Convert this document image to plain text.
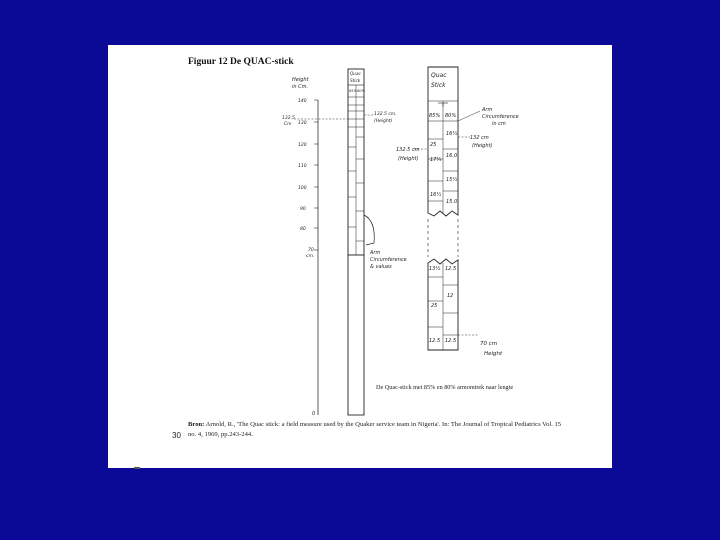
Figuur 12 De QUAC-stick
140
130
120
110
100
90
80
70
0
cm.
Height
in Cm.
132.5
Cm
Quac
Stick
85% 80%
132.5 cm.
(Height)
Arm
Circumference
& values
Quac
Stick
85% 80%
16½
25
16.0
17¼
15½
16½
15.0
13½ 12.5
12
25
12.5 12.5
Arm
Circumference
in cm
132 cm
(Height)
132.5 cm
(Height)
70 cm
Height
De Quac-stick met 85% en 80% armomtrek naar lengte
Bron: Arnold, R., 'The Quac stick: a field measure used by the Quaker service team in Nigeria'. In: The Journal of Tropical Pediatrics Vol. 15 no. 4, 1969, pp.243-244.
30
